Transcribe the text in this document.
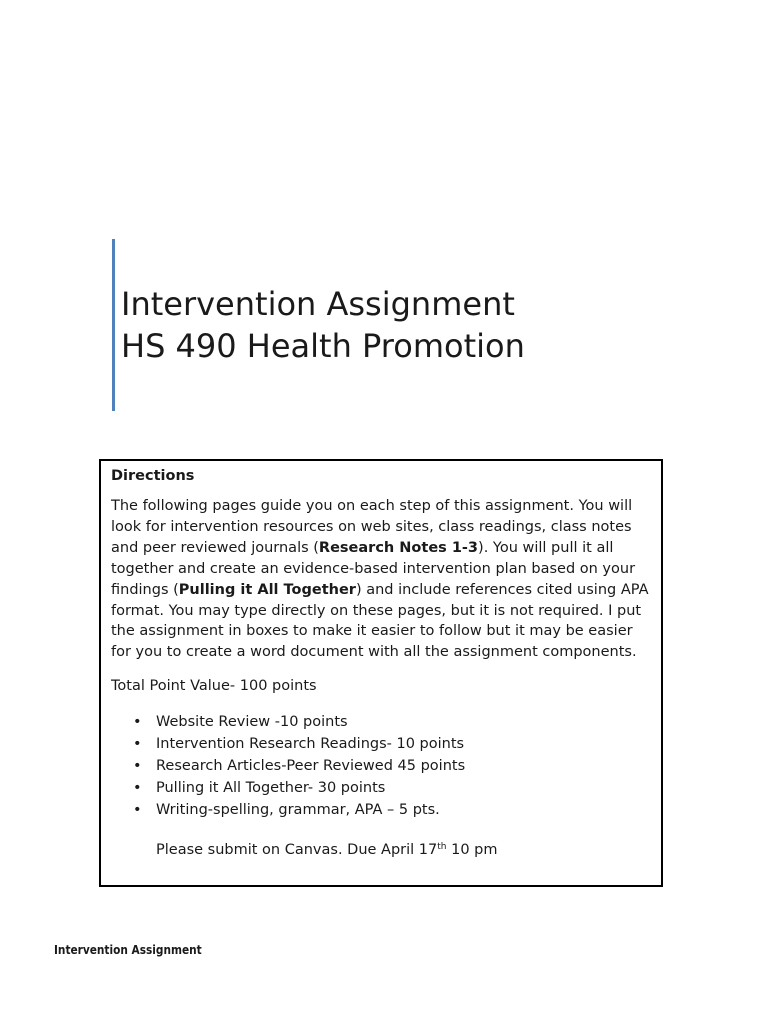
Intervention Assignment

HS 490 Health Promotion

Directions

The following pages guide you on each step of this assignment. You will look for intervention resources on web sites, class readings, class notes and peer reviewed journals (Research Notes 1-3). You will pull it all together and create an evidence-based intervention plan based on your findings (Pulling it All Together) and include references cited using APA format. You may type directly on these pages, but it is not required. I put the assignment in boxes to make it easier to follow but it may be easier for you to create a word document with all the assignment components.

Total Point Value- 100 points

• Website Review -10 points
• Intervention Research Readings- 10 points
• Research Articles-Peer Reviewed 45 points
• Pulling it All Together- 30 points
• Writing-spelling, grammar, APA – 5 pts.

Please submit on Canvas. Due April 17th 10 pm

Intervention Assignment
